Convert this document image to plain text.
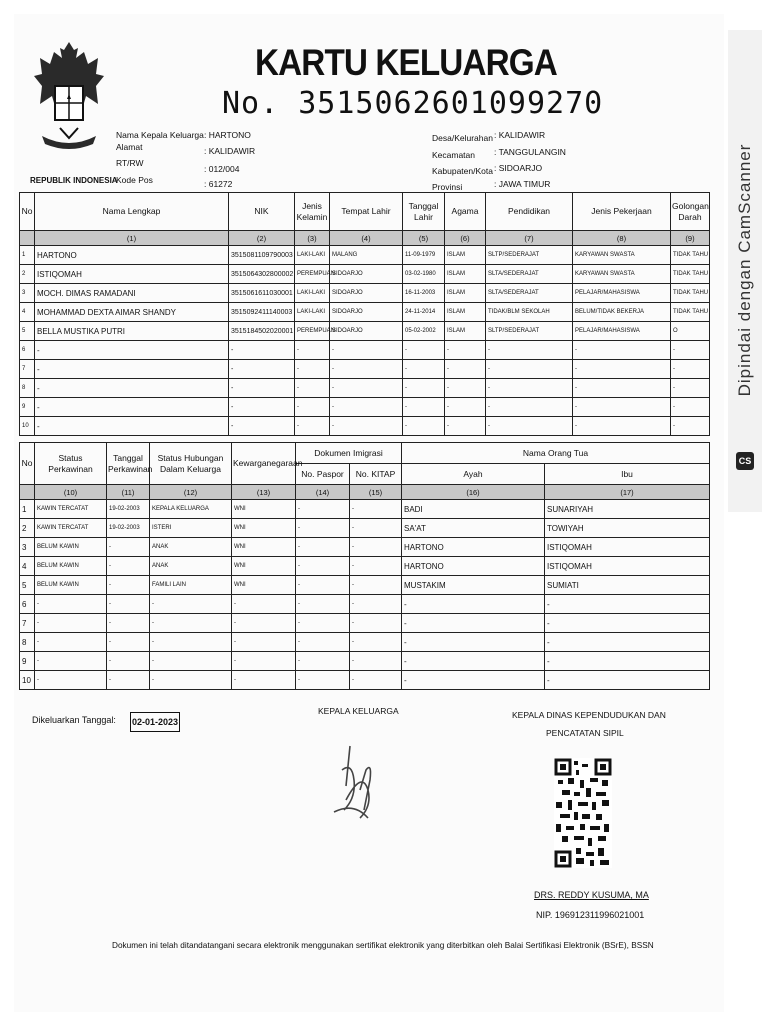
REPUBLIK INDONESIA
KARTU KELUARGA
No. 3515062601099270
Nama Kepala Keluarga : HARTONO
Alamat	: KALIDAWIR
RT/RW
: 012/004
Kode Pos	: 61272
Desa/Kelurahan : KALIDAWIR
Kecamatan : TANGGULANGIN
Kabupaten/Kota : SIDOARJO
Provinsi	: JAWA TIMUR
No	Nama Lengkap	NIK	Jenis Kelamin	Tempat Lahir	Tanggal Lahir	Agama	Pendidikan	Jenis Pekerjaan	Golongan Darah
	(1)	(2)	(3)	(4)	(5)	(6)	(7)	(8)	(9)
1	HARTONO	3515081109790003	LAKI-LAKI	MALANG	11-09-1979	ISLAM	SLTP/SEDERAJAT	KARYAWAN SWASTA	TIDAK TAHU
2	ISTIQOMAH	3515064302800002	PEREMPUAN	SIDOARJO	03-02-1980	ISLAM	SLTA/SEDERAJAT	KARYAWAN SWASTA	TIDAK TAHU
3	MOCH. DIMAS RAMADANI	3515061611030001	LAKI-LAKI	SIDOARJO	16-11-2003	ISLAM	SLTA/SEDERAJAT	PELAJAR/MAHASISWA	TIDAK TAHU
4	MOHAMMAD DEXTA AIMAR SHANDY	3515092411140003	LAKI-LAKI	SIDOARJO	24-11-2014	ISLAM	TIDAK/BLM SEKOLAH	BELUM/TIDAK BEKERJA	TIDAK TAHU
5	BELLA MUSTIKA PUTRI	3515184502020001	PEREMPUAN	SIDOARJO	05-02-2002	ISLAM	SLTP/SEDERAJAT	PELAJAR/MAHASISWA	O
6	-	-	-	-	-	-	-	-	-
7	-	-	-	-	-	-	-	-	-
8	-	-	-	-	-	-	-	-	-
9	-	-	-	-	-	-	-	-	-
10	-	-	-	-	-	-	-	-	-
No	Status Perkawinan	Tanggal Perkawinan	Status Hubungan Dalam Keluarga	Kewarganegaraan	Dokumen Imigrasi		Nama Orang Tua	
					No. Paspor	No. KITAP	Ayah	Ibu
	(10)	(11)	(12)	(13)	(14)	(15)	(16)	(17)
1	KAWIN TERCATAT	19-02-2003	KEPALA KELUARGA	WNI	-	-	BADI	SUNARIYAH
2	KAWIN TERCATAT	19-02-2003	ISTERI	WNI	-	-	SA'AT	TOWIYAH
3	BELUM KAWIN	-	ANAK	WNI	-	-	HARTONO	ISTIQOMAH
4	BELUM KAWIN	-	ANAK	WNI	-	-	HARTONO	ISTIQOMAH
5	BELUM KAWIN	-	FAMILI LAIN	WNI	-	-	MUSTAKIM	SUMIATI
6	-	-	-	-	-	-	-	-
7	-	-	-	-	-	-	-	-
8	-	-	-	-	-	-	-	-
9	-	-	-	-	-	-	-	-
10	-	-	-	-	-	-	-	-
Dikeluarkan Tanggal: 02-01-2023
KEPALA KELUARGA	KEPALA DINAS KEPENDUDUKAN DAN
PENCATATAN SIPIL
DRS. REDDY KUSUMA, MA
NIP. 196912311996021001
Dokumen ini telah ditandatangani secara elektronik menggunakan sertifikat elektronik yang diterbitkan oleh Balai Sertifikasi Elektronik (BSrE), BSSN
Dipindai dengan CamScanner
CS
